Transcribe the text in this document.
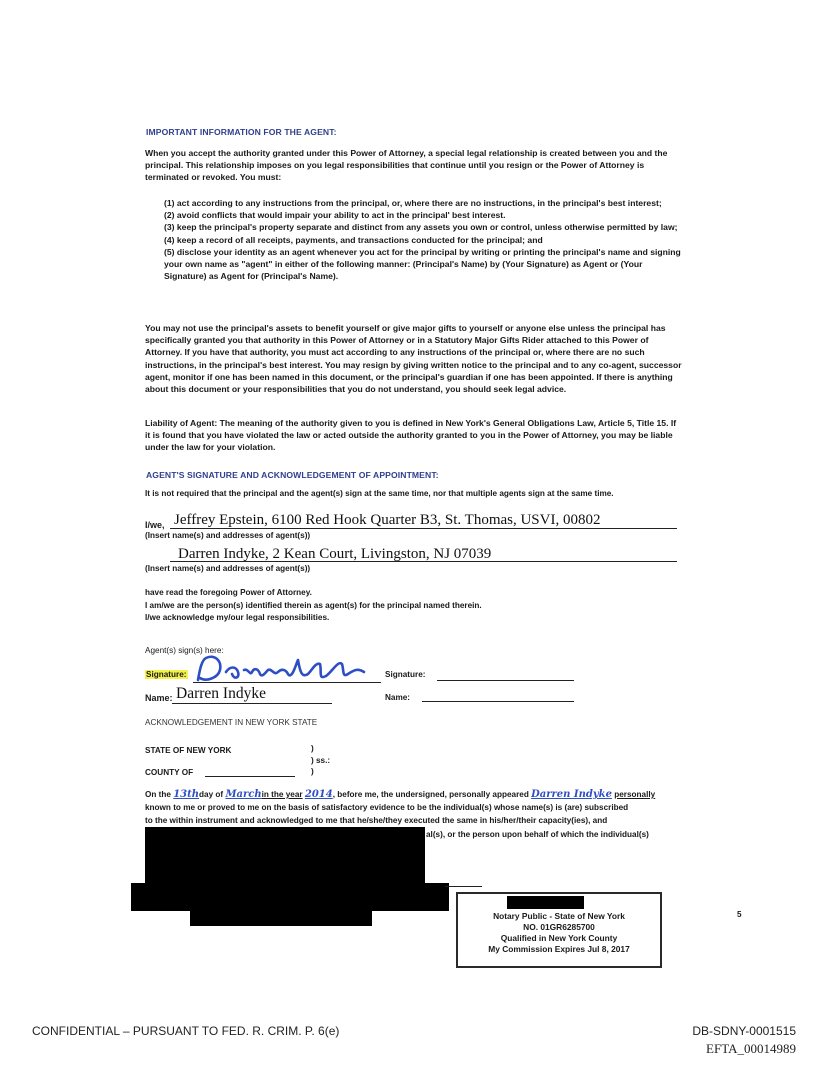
IMPORTANT INFORMATION FOR THE AGENT:
When you accept the authority granted under this Power of Attorney, a special legal relationship is created between you and the principal. This relationship imposes on you legal responsibilities that continue until you resign or the Power of Attorney is terminated or revoked. You must:
(1) act according to any instructions from the principal, or, where there are no instructions, in the principal's best interest;
(2) avoid conflicts that would impair your ability to act in the principal' best interest.
(3) keep the principal's property separate and distinct from any assets you own or control, unless otherwise permitted by law;
(4) keep a record of all receipts, payments, and transactions conducted for the principal; and
(5) disclose your identity as an agent whenever you act for the principal by writing or printing the principal's name and signing your own name as "agent" in either of the following manner: (Principal's Name) by (Your Signature) as Agent or (Your Signature) as Agent for (Principal's Name).
You may not use the principal's assets to benefit yourself or give major gifts to yourself or anyone else unless the principal has specifically granted you that authority in this Power of Attorney or in a Statutory Major Gifts Rider attached to this Power of Attorney. If you have that authority, you must act according to any instructions of the principal or, where there are no such instructions, in the principal's best interest. You may resign by giving written notice to the principal and to any co-agent, successor agent, monitor if one has been named in this document, or the principal's guardian if one has been appointed. If there is anything about this document or your responsibilities that you do not understand, you should seek legal advice.
Liability of Agent: The meaning of the authority given to you is defined in New York's General Obligations Law, Article 5, Title 15. If it is found that you have violated the law or acted outside the authority granted to you in the Power of Attorney, you may be liable under the law for your violation.
AGENT'S SIGNATURE AND ACKNOWLEDGEMENT OF APPOINTMENT:
It is not required that the principal and the agent(s) sign at the same time, nor that multiple agents sign at the same time.
I/we, Jeffrey Epstein, 6100 Red Hook Quarter B3, St. Thomas, USVI, 00802
(Insert name(s) and addresses of agent(s))
Darren Indyke, 2 Kean Court, Livingston, NJ 07039
(Insert name(s) and addresses of agent(s))
have read the foregoing Power of Attorney.
I am/we are the person(s) identified therein as agent(s) for the principal named therein.
I/we acknowledge my/our legal responsibilities.
Agent(s) sign(s) here:
Signature:	Signature:
Name: Darren Indyke	Name:
ACKNOWLEDGEMENT IN NEW YORK STATE
STATE OF NEW YORK	)
) ss.:
COUNTY OF	)
On the 13thday of Marchin the year 2014, before me, the undersigned, personally appeared Darren Indyke personally
known to me or proved to me on the basis of satisfactory evidence to be the individual(s) whose name(s) is (are) subscribed
to the within instrument and acknowledged to me that he/she/they executed the same in his/her/their capacity(ies), and
al(s), or the person upon behalf of which the individual(s)
Notary Public - State of New York
NO. 01GR6285700
Qualified in New York County
My Commission Expires Jul 8, 2017
5
CONFIDENTIAL – PURSUANT TO FED. R. CRIM. P. 6(e)	DB-SDNY-0001515
EFTA_00014989
